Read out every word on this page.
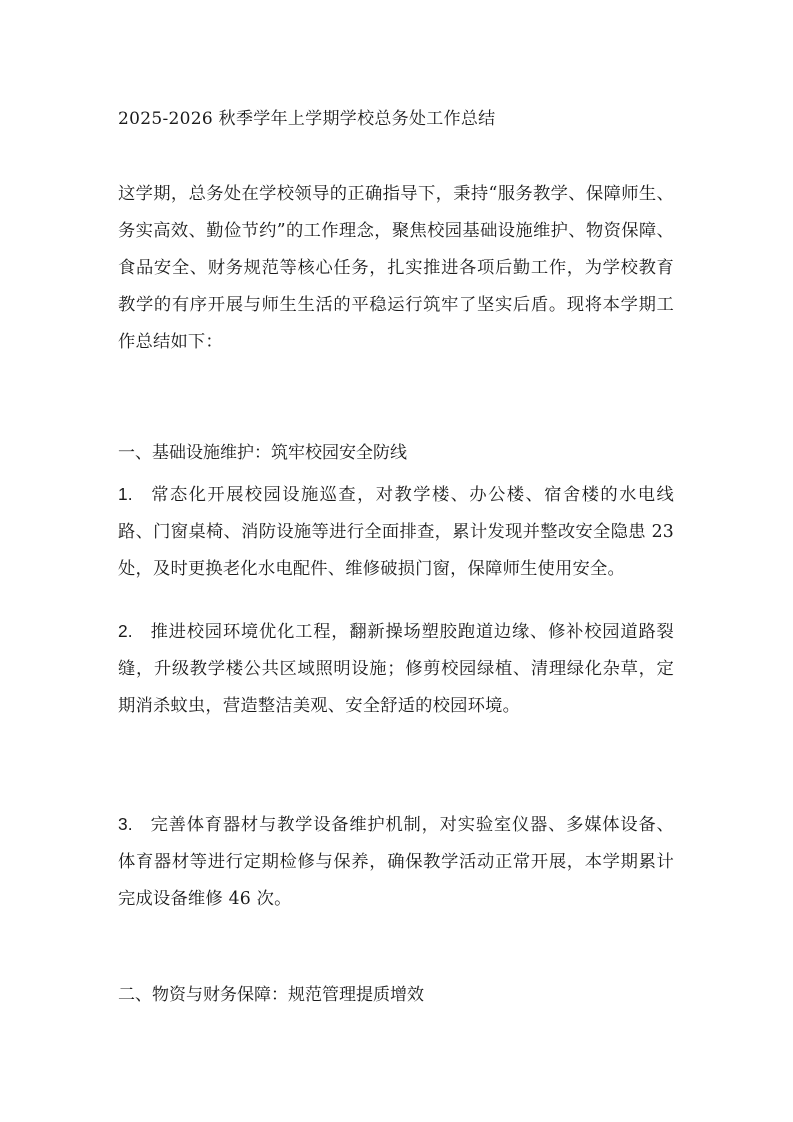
2025-2026 秋季学年上学期学校总务处工作总结
这学期，总务处在学校领导的正确指导下，秉持“服务教学、保障师生、务实高效、勤俭节约”的工作理念，聚焦校园基础设施维护、物资保障、食品安全、财务规范等核心任务，扎实推进各项后勤工作，为学校教育教学的有序开展与师生生活的平稳运行筑牢了坚实后盾。现将本学期工作总结如下：
一、基础设施维护：筑牢校园安全防线
1. 常态化开展校园设施巡查，对教学楼、办公楼、宿舍楼的水电线路、门窗桌椅、消防设施等进行全面排查，累计发现并整改安全隐患 23 处，及时更换老化水电配件、维修破损门窗，保障师生使用安全。
2. 推进校园环境优化工程，翻新操场塑胶跑道边缘、修补校园道路裂缝，升级教学楼公共区域照明设施；修剪校园绿植、清理绿化杂草，定期消杀蚊虫，营造整洁美观、安全舒适的校园环境。
3. 完善体育器材与教学设备维护机制，对实验室仪器、多媒体设备、体育器材等进行定期检修与保养，确保教学活动正常开展，本学期累计完成设备维修 46 次。
二、物资与财务保障：规范管理提质增效
